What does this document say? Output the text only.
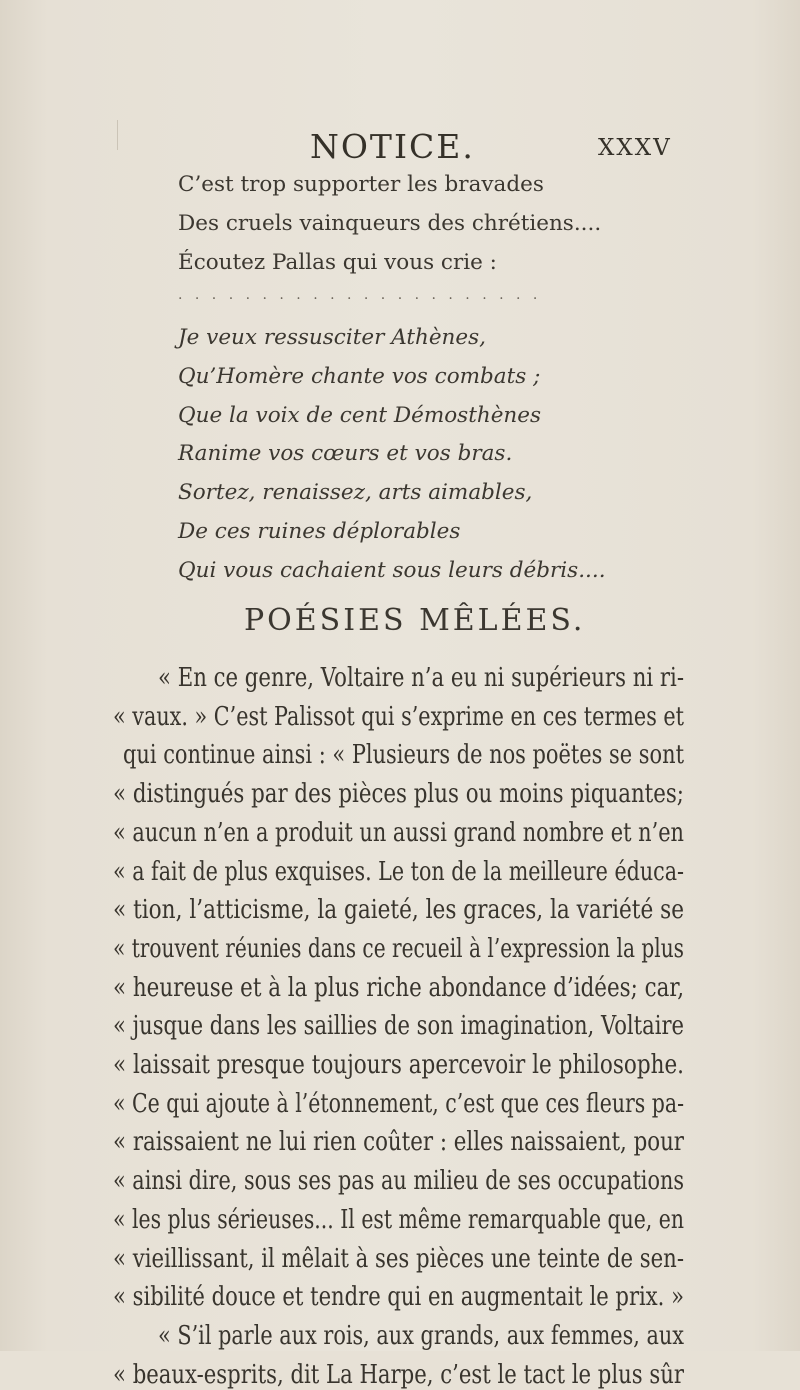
NOTICE.	XXXV
C’est trop supporter les bravades
Des cruels vainqueurs des chrétiens....
Écoutez Pallas qui vous crie :
. . . . . . . . . . . . . . . . . . . . . .
Je veux ressusciter Athènes,
Qu’Homère chante vos combats ;
Que la voix de cent Démosthènes
Ranime vos cœurs et vos bras.
Sortez, renaissez, arts aimables,
POÉSIES MÊLÉES.
« En ce genre, Voltaire n’a eu ni supérieurs ni ri-
« vaux. » C’est Palissot qui s’exprime en ces termes et
qui continue ainsi : « Plusieurs de nos poëtes se sont
« distingués par des pièces plus ou moins piquantes;
« aucun n’en a produit un aussi grand nombre et n’en
« a fait de plus exquises. Le ton de la meilleure éduca-
« tion, l’atticisme, la gaieté, les graces, la variété se
« trouvent réunies dans ce recueil à l’expression la plus
« heureuse et à la plus riche abondance d’idées; car,
« jusque dans les saillies de son imagination, Voltaire
« laissait presque toujours apercevoir le philosophe.
« Ce qui ajoute à l’étonnement, c’est que ces fleurs pa-
« raissaient ne lui rien coûter : elles naissaient, pour
« ainsi dire, sous ses pas au milieu de ses occupations
« les plus sérieuses... Il est même remarquable que, en
« vieillissant, il mêlait à ses pièces une teinte de sen-
« sibilité douce et tendre qui en augmentait le prix. »
« S’il parle aux rois, aux grands, aux femmes, aux
« beaux-esprits, dit La Harpe, c’est le tact le plus sûr
De ces ruines déplorables
Qui vous cachaient sous leurs débris....
